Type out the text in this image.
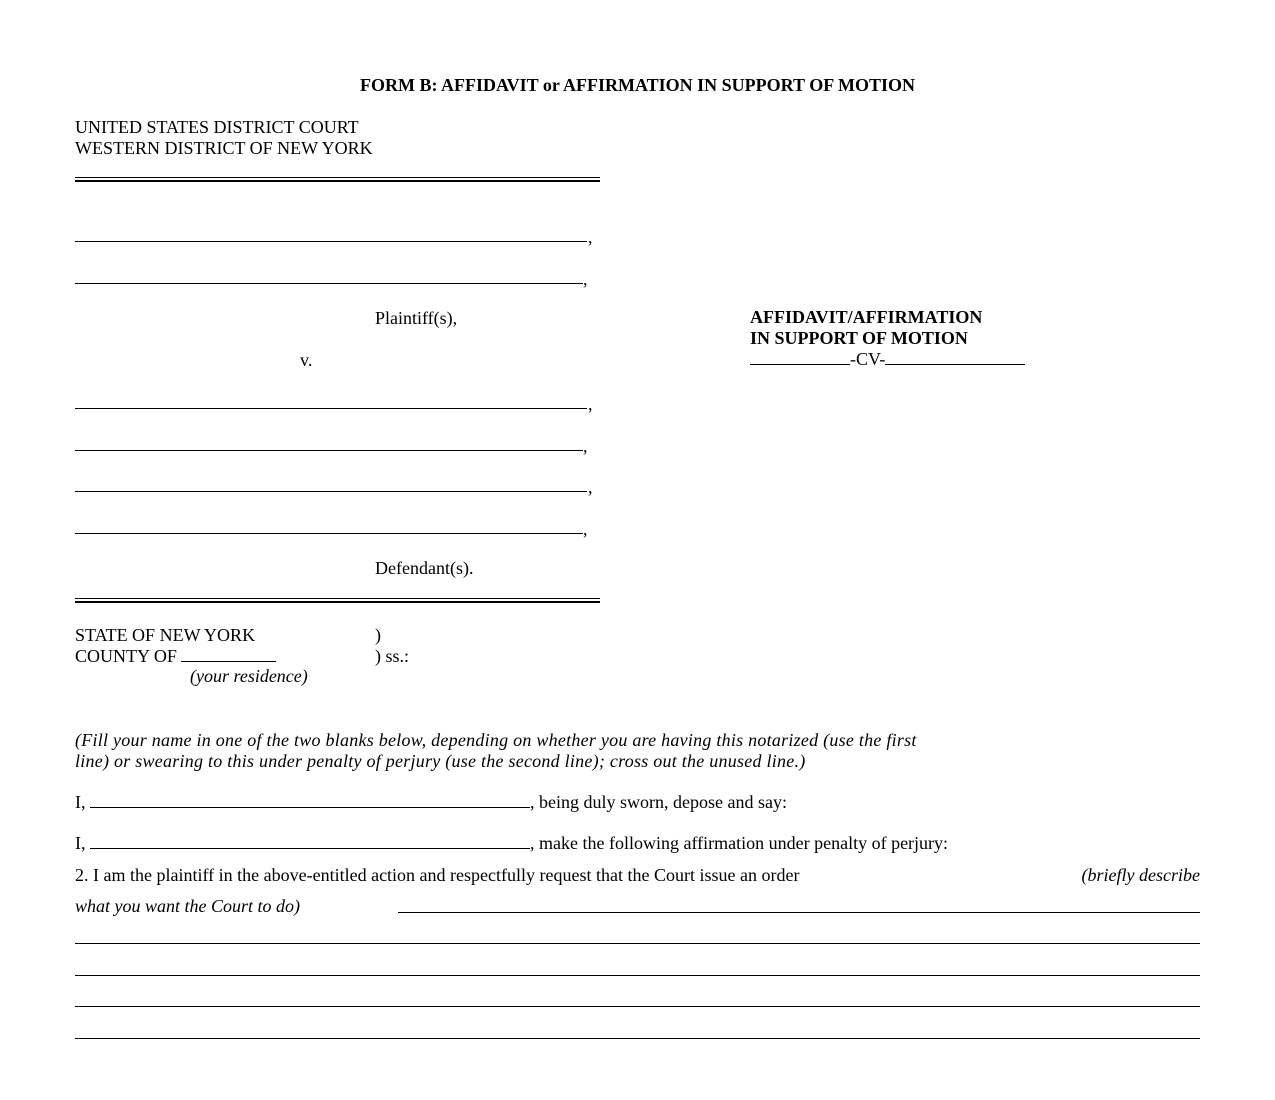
FORM B: AFFIDAVIT or AFFIRMATION IN SUPPORT OF MOTION
UNITED STATES DISTRICT COURT
WESTERN DISTRICT OF NEW YORK
,
,
Plaintiff(s),
v.
,
,
,
,
Defendant(s).
AFFIDAVIT/AFFIRMATION
IN SUPPORT OF MOTION
-CV-
STATE OF NEW YORK	)
COUNTY OF	) ss.:
(your residence)
(Fill your name in one of the two blanks below, depending on whether you are having this notarized (use the first
line) or swearing to this under penalty of perjury (use the second line); cross out the unused line.)
I,	, being duly sworn, depose and say:
I,	, make the following affirmation under penalty of perjury:
2. I am the plaintiff in the above-entitled action and respectfully request that the Court issue an order	(briefly describe
what you want the Court to do)
